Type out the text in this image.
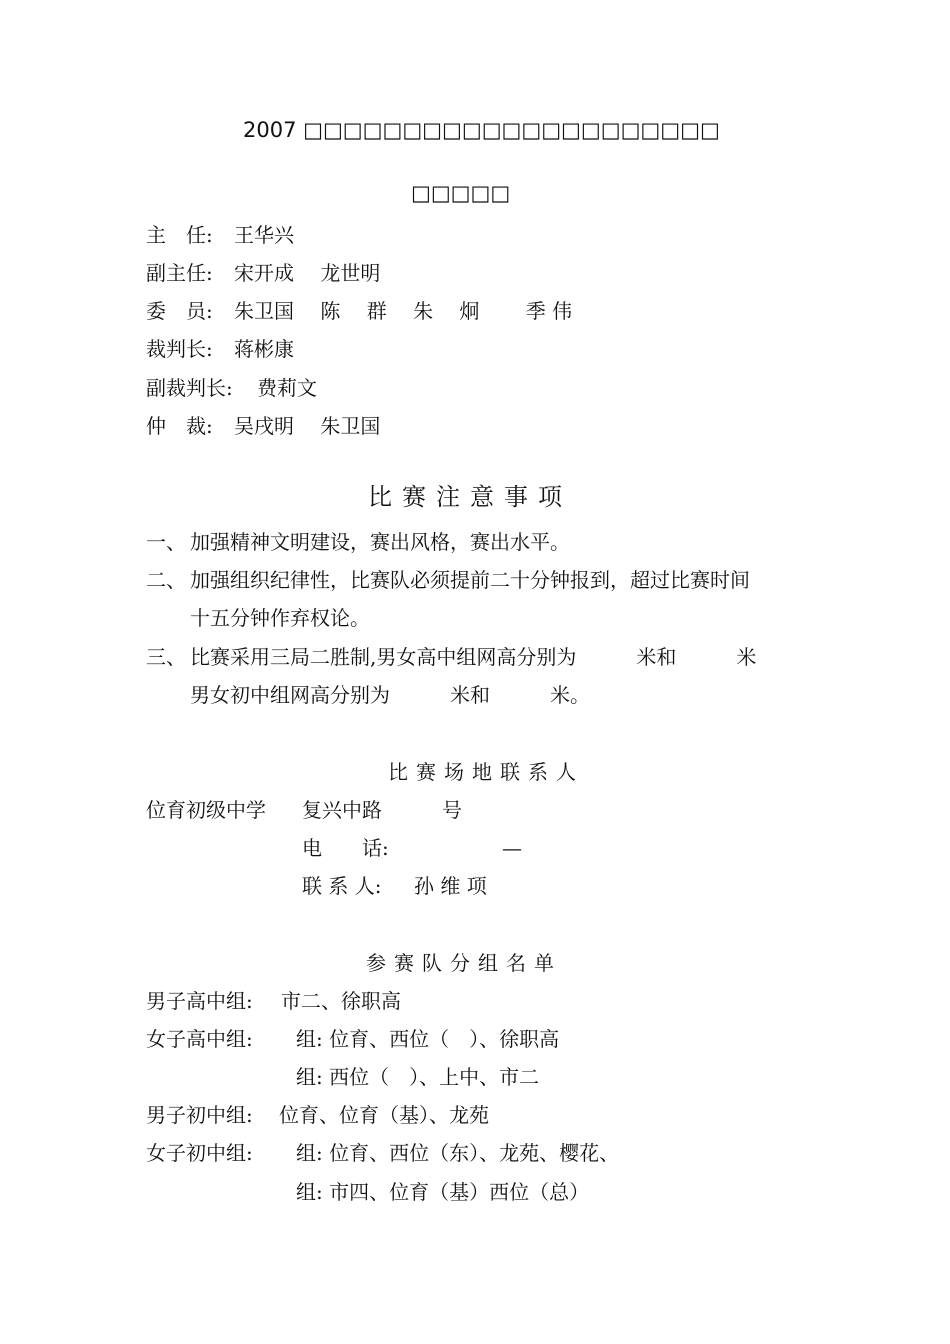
2007 □□□□□□□□□□□□□□□□□□□□□
□□□□□
主　任: 王华兴
副主任: 宋开成　 龙世明
委　员: 朱卫国　 陈　 群　 朱　 炯　　 季 伟
裁判长: 蒋彬康
副裁判长: 费莉文
仲　裁: 吴戌明　 朱卫国
比赛注意事项
一、 加强精神文明建设，赛出风格，赛出水平。
二、 加强组织纪律性，比赛队必须提前二十分钟报到，超过比赛时间
十五分钟作弃权论。
三、 比赛采用三局二胜制,男女高中组网高分别为　　　米和　　　米
男女初中组网高分别为　　　米和　　　米。
比赛场地联系人
位育初级中学 复兴中路　　　号
电　　话:	—
联 系 人: 孙 维 项
参赛队分组名单
男子高中组: 市二、徐职高
女子高中组: 组: 位育、西位（　）、徐职高
组: 西位（　）、上中、市二
男子初中组: 位育、位育（基）、龙苑
女子初中组: 组: 位育、西位（东）、龙苑、樱花、
组: 市四、位育（基）西位（总）
